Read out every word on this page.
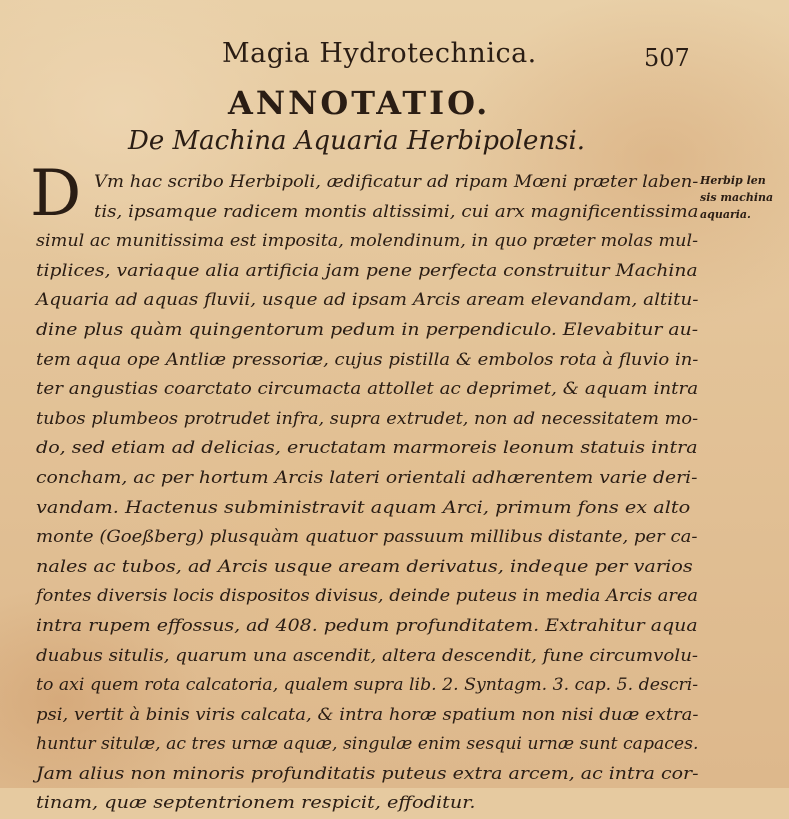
Magia Hydrotechnica.	507
ANNOTATIO.
De Machina Aquaria Herbipolensi.
D Vm hac scribo Herbipoli, ædificatur ad ripam Mœni præter laben-
tis, ipsamque radicem montis altissimi, cui arx magnificentissima
simul ac munitissima est imposita, molendinum, in quo præter molas mul-
tiplices, variaque alia artificia jam pene perfecta construitur Machina
Aquaria ad aquas fluvii, usque ad ipsam Arcis aream elevandam, altitu-
dine plus quàm quingentorum pedum in perpendiculo. Elevabitur au-
tem aqua ope Antliæ pressoriæ, cujus pistilla & embolos rota à fluvio in-
ter angustias coarctato circumacta attollet ac deprimet, & aquam intra
tubos plumbeos protrudet infra, supra extrudet, non ad necessitatem mo-
do, sed etiam ad delicias, eructatam marmoreis leonum statuis intra
concham, ac per hortum Arcis lateri orientali adhærentem varie deri-
vandam. Hactenus subministravit aquam Arci, primum fons ex alto
monte (Goeßberg) plusquàm quatuor passuum millibus distante, per ca-
nales ac tubos, ad Arcis usque aream derivatus, indeque per varios
fontes diversis locis dispositos divisus, deinde puteus in media Arcis area
intra rupem effossus, ad 408. pedum profunditatem. Extrahitur aqua
duabus situlis, quarum una ascendit, altera descendit, fune circumvolu-
to axi quem rota calcatoria, qualem supra lib. 2. Syntagm. 3. cap. 5. descri-
psi, vertit à binis viris calcata, & intra horæ spatium non nisi duæ extra-
huntur situlæ, ac tres urnæ aquæ, singulæ enim sesqui urnæ sunt capaces.
Jam alius non minoris profunditatis puteus extra arcem, ac intra cor-
tinam, quæ septentrionem respicit, effoditur.
Herbip len
sis machina
aquaria.
